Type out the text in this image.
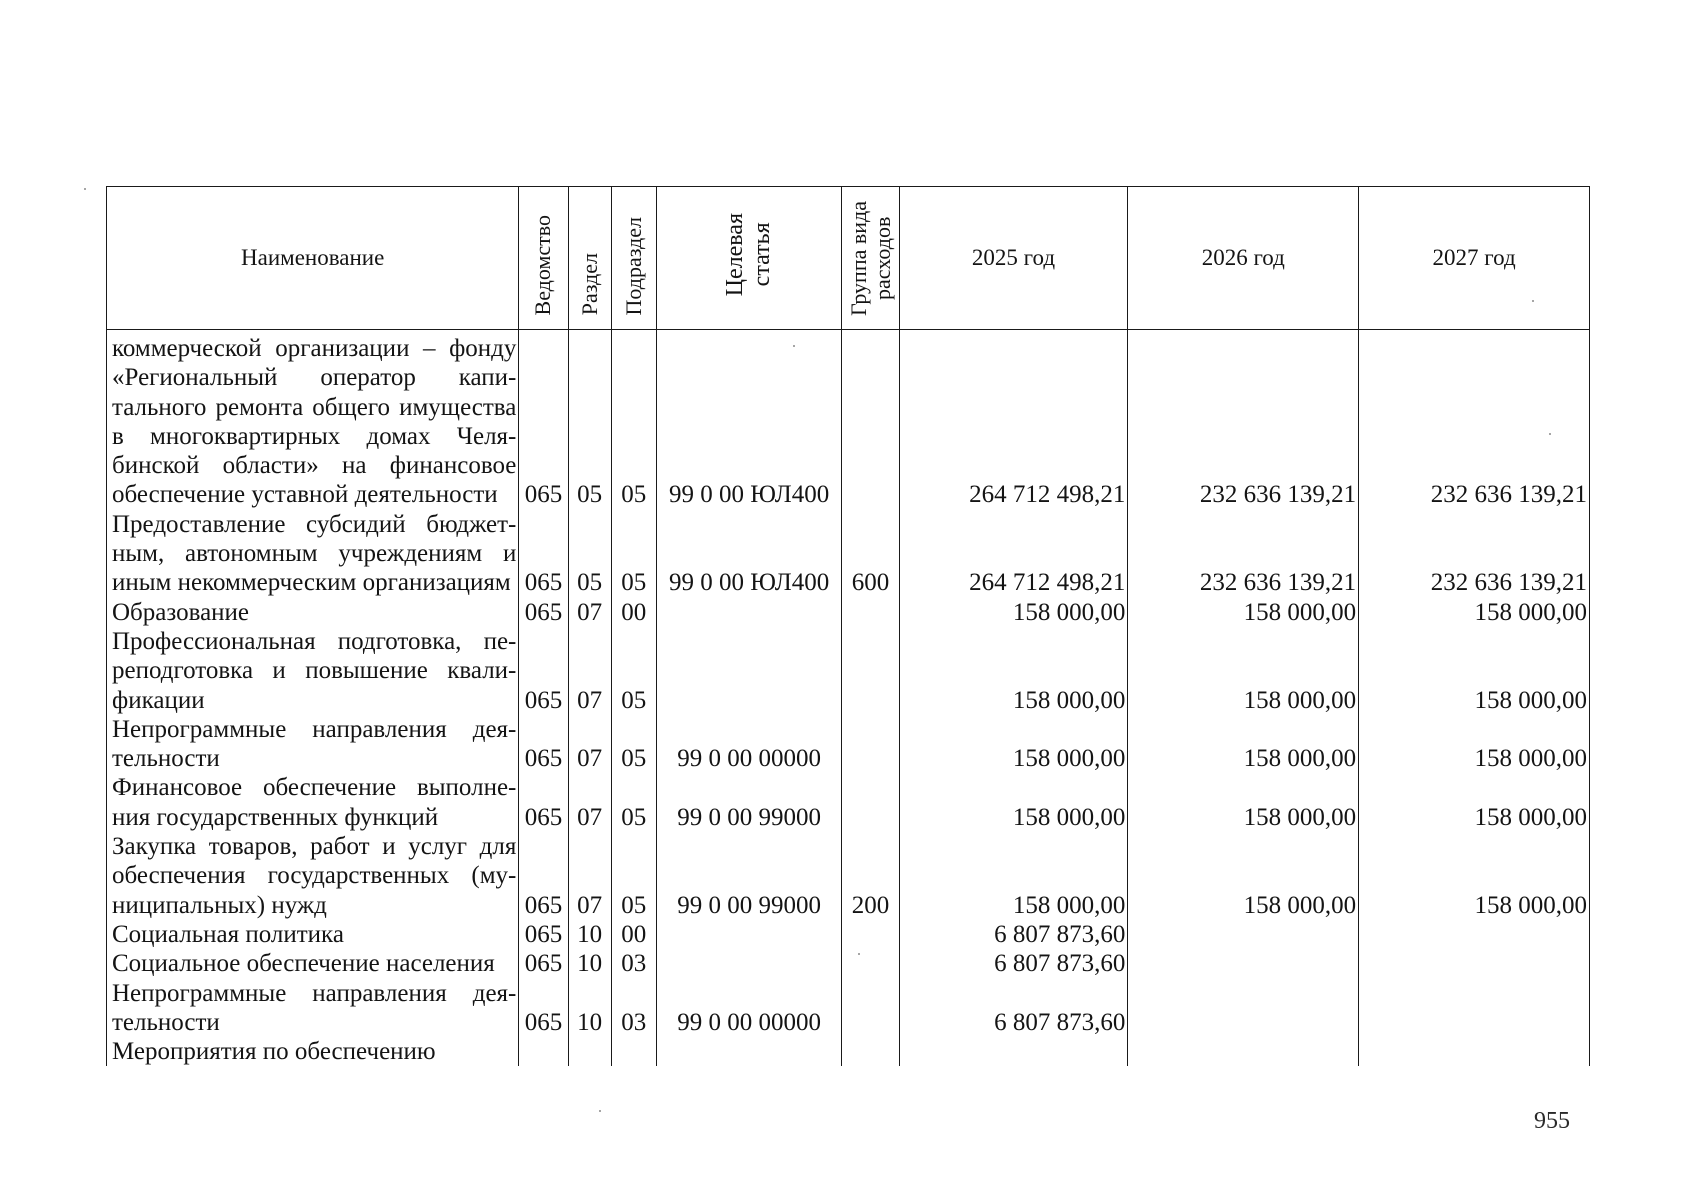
Наименование	Ведомство	Раздел	Подраздел	Целевая
статья	Группа вида
расходов	2025 год	2026 год	2027 год
коммерческой организации – фонду «Региональный оператор капитального ремонта общего имущества в многоквартирных домах Челябинской области» на финансовое обеспечение уставной деятельности	065	05	05	99 0 00 ЮЛ400		264 712 498,21	232 636 139,21	232 636 139,21
Предоставление субсидий бюджетным, автономным учреждениям и иным некоммерческим организациям	065	05	05	99 0 00 ЮЛ400	600	264 712 498,21	232 636 139,21	232 636 139,21
Образование	065	07	00			158 000,00	158 000,00	158 000,00
Профессиональная подготовка, переподготовка и повышение квалификации	065	07	05			158 000,00	158 000,00	158 000,00
Непрограммные направления деятельности	065	07	05	99 0 00 00000		158 000,00	158 000,00	158 000,00
Финансовое обеспечение выполнения государственных функций	065	07	05	99 0 00 99000		158 000,00	158 000,00	158 000,00
Закупка товаров, работ и услуг для обеспечения государственных (муниципальных) нужд	065	07	05	99 0 00 99000	200	158 000,00	158 000,00	158 000,00
Социальная политика	065	10	00			6 807 873,60		
Социальное обеспечение населения	065	10	03			6 807 873,60		
Непрограммные направления деятельности	065	10	03	99 0 00 00000		6 807 873,60		
Мероприятия по обеспечению								
955
